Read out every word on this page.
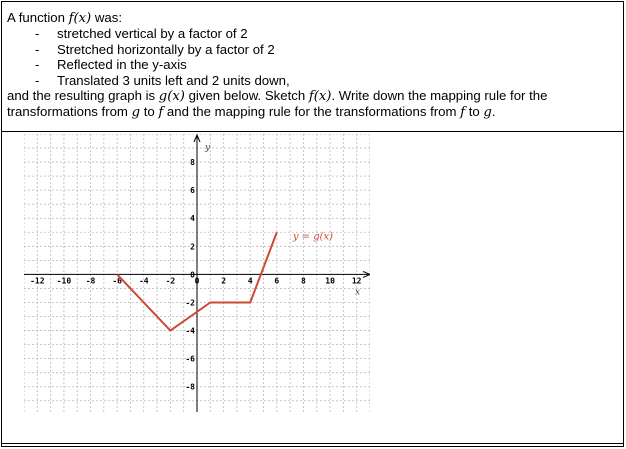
A function f(x) was:
- stretched vertical by a factor of 2
- Stretched horizontally by a factor of 2
- Reflected in the y-axis
- Translated 3 units left and 2 units down,
and the resulting graph is g(x) given below. Sketch f(x). Write down the mapping rule for the
transformations from g to f and the mapping rule for the transformations from f to g.
-12 -10 -8 -6 -4 -2 0	2	4	6	8 10 12
8
6
4
2
0
-2
-4
-6
-8
y
x
y = g(x)
